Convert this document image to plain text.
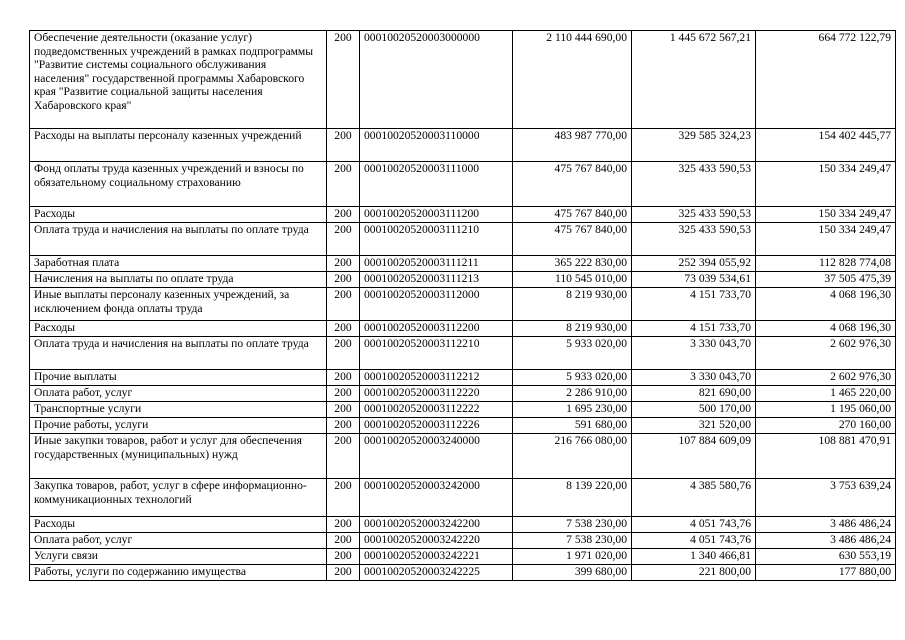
Обеспечение деятельности (оказание услуг) подведомственных учреждений в рамках подпрограммы "Развитие системы социального обслуживания населения" государственной программы Хабаровского края "Развитие социальной защиты населения Хабаровского края"	200	00010020520003000000	2 110 444 690,00	1 445 672 567,21	664 772 122,79
Расходы на выплаты персоналу казенных учреждений	200	00010020520003110000	483 987 770,00	329 585 324,23	154 402 445,77
Фонд оплаты труда казенных учреждений и взносы по обязательному социальному страхованию	200	00010020520003111000	475 767 840,00	325 433 590,53	150 334 249,47
Расходы	200	00010020520003111200	475 767 840,00	325 433 590,53	150 334 249,47
Оплата труда и начисления на выплаты по оплате труда	200	00010020520003111210	475 767 840,00	325 433 590,53	150 334 249,47
Заработная плата	200	00010020520003111211	365 222 830,00	252 394 055,92	112 828 774,08
Начисления на выплаты по оплате труда	200	00010020520003111213	110 545 010,00	73 039 534,61	37 505 475,39
Иные выплаты персоналу казенных учреждений, за исключением фонда оплаты труда	200	00010020520003112000	8 219 930,00	4 151 733,70	4 068 196,30
Расходы	200	00010020520003112200	8 219 930,00	4 151 733,70	4 068 196,30
Оплата труда и начисления на выплаты по оплате труда	200	00010020520003112210	5 933 020,00	3 330 043,70	2 602 976,30
Прочие выплаты	200	00010020520003112212	5 933 020,00	3 330 043,70	2 602 976,30
Оплата работ, услуг	200	00010020520003112220	2 286 910,00	821 690,00	1 465 220,00
Транспортные услуги	200	00010020520003112222	1 695 230,00	500 170,00	1 195 060,00
Прочие работы, услуги	200	00010020520003112226	591 680,00	321 520,00	270 160,00
Иные закупки товаров, работ и услуг для обеспечения государственных (муниципальных) нужд	200	00010020520003240000	216 766 080,00	107 884 609,09	108 881 470,91
Закупка товаров, работ, услуг в сфере информационно-коммуникационных технологий	200	00010020520003242000	8 139 220,00	4 385 580,76	3 753 639,24
Расходы	200	00010020520003242200	7 538 230,00	4 051 743,76	3 486 486,24
Оплата работ, услуг	200	00010020520003242220	7 538 230,00	4 051 743,76	3 486 486,24
Услуги связи	200	00010020520003242221	1 971 020,00	1 340 466,81	630 553,19
Работы, услуги по содержанию имущества	200	00010020520003242225	399 680,00	221 800,00	177 880,00
